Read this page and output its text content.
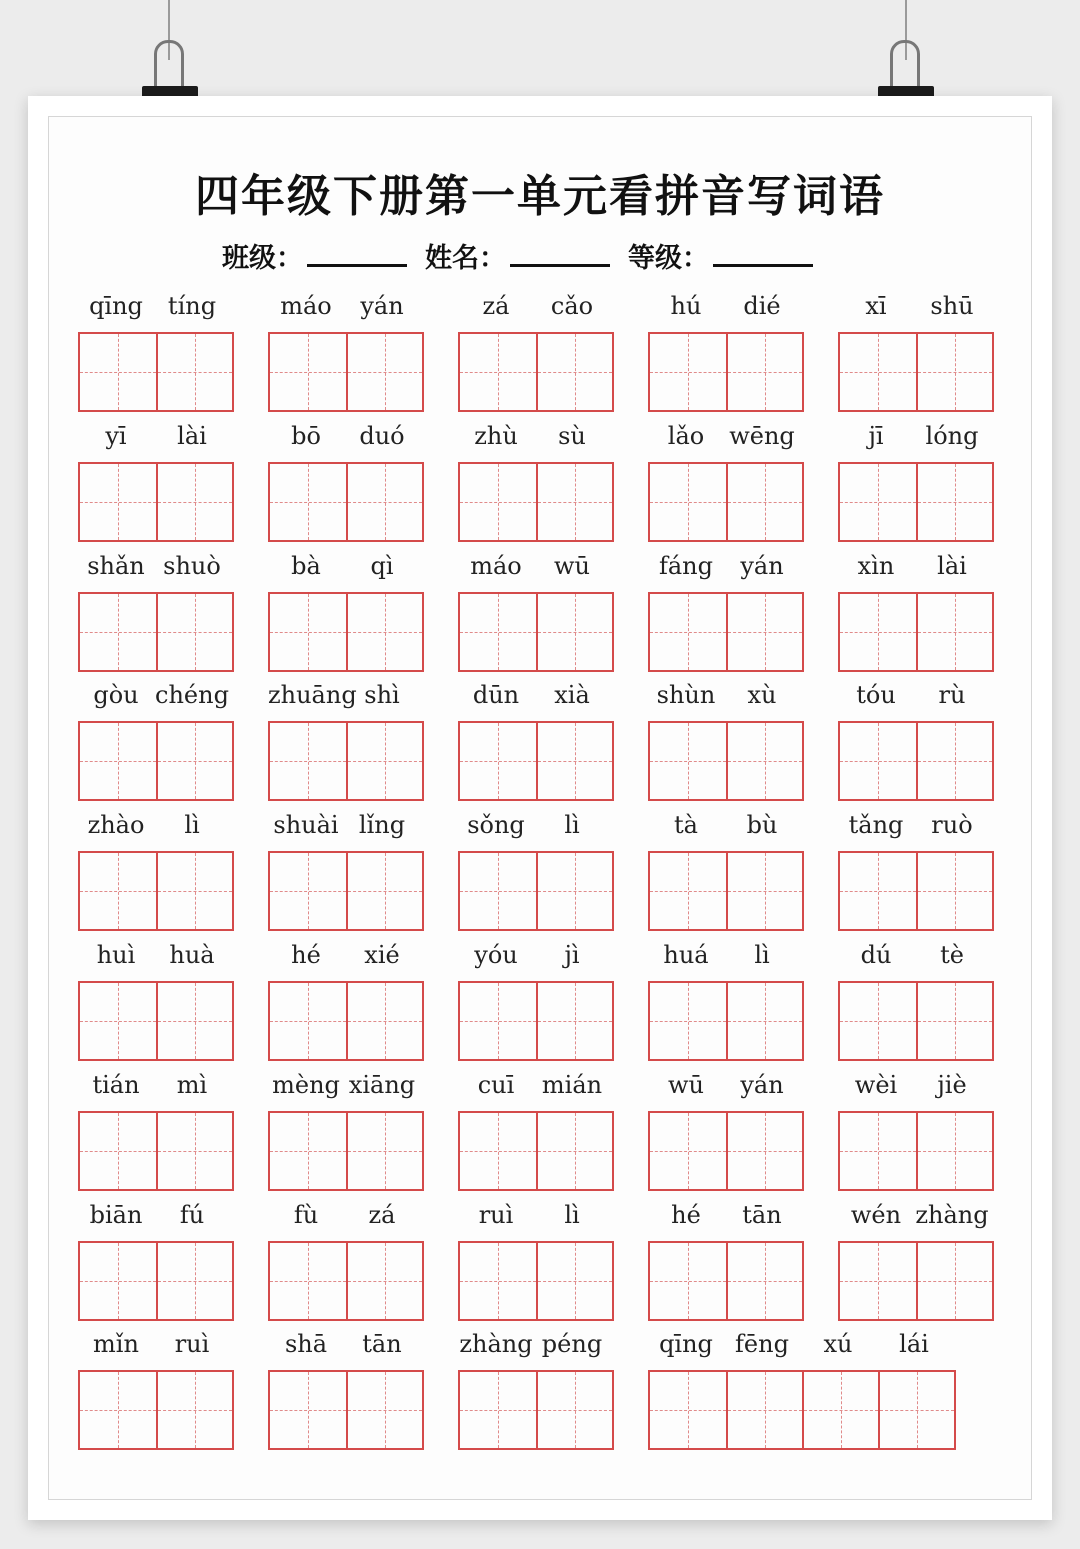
四年级下册第一单元看拼音写词语
班级：	姓名：	等级：
qīng	tíng	máo	yán	zá	cǎo	hú	dié	xī	shū
yī	lài	bō	duó	zhù	sù	lǎo	wēng	jī	lóng
shǎn shuò	bà	qì	máo	wū	fáng	yán	xìn	lài
gòu chéng zhuāng shì	dūn	xià	shùn	xù	tóu	rù
zhào	lì	shuài lǐng	sǒng	lì	tà	bù	tǎng	ruò
huì	huà	hé	xié	yóu	jì	huá	lì	dú	tè
tián	mì	mèng xiāng	cuī	mián	wū	yán	wèi	jiè
biān	fú	fù	zá	ruì	lì	hé	tān	wén zhàng
mǐn	ruì	shā	tān	zhàng péng	qīng fēng	xú	lái
